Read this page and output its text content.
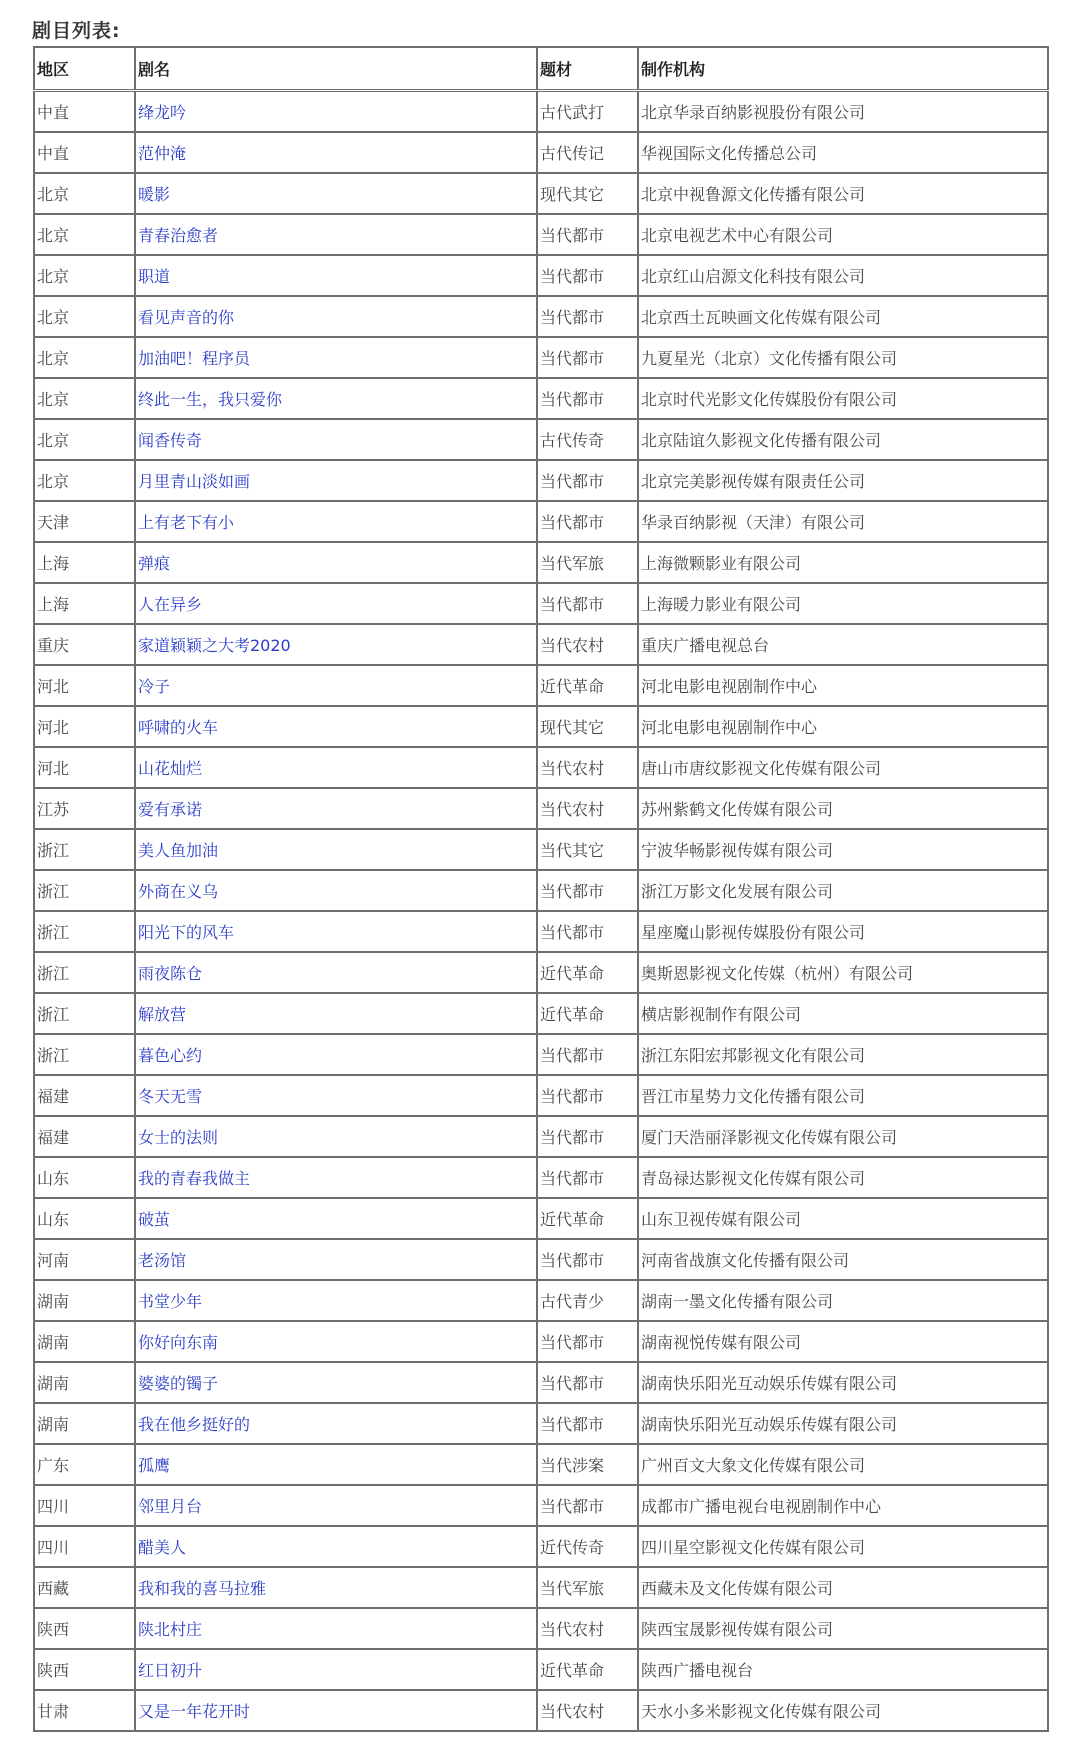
剧目列表:
地区	剧名	题材	制作机构
中直	绛龙吟	古代武打	北京华录百纳影视股份有限公司
中直	范仲淹	古代传记	华视国际文化传播总公司
北京	暖影	现代其它	北京中视鲁源文化传播有限公司
北京	青春治愈者	当代都市	北京电视艺术中心有限公司
北京	职道	当代都市	北京红山启源文化科技有限公司
北京	看见声音的你	当代都市	北京西土瓦映画文化传媒有限公司
北京	加油吧！程序员	当代都市	九夏星光（北京）文化传播有限公司
北京	终此一生，我只爱你	当代都市	北京时代光影文化传媒股份有限公司
北京	闻香传奇	古代传奇	北京陆谊久影视文化传播有限公司
北京	月里青山淡如画	当代都市	北京完美影视传媒有限责任公司
天津	上有老下有小	当代都市	华录百纳影视（天津）有限公司
上海	弹痕	当代军旅	上海微颗影业有限公司
上海	人在异乡	当代都市	上海暖力影业有限公司
重庆	家道颖颖之大考2020	当代农村	重庆广播电视总台
河北	冷子	近代革命	河北电影电视剧制作中心
河北	呼啸的火车	现代其它	河北电影电视剧制作中心
河北	山花灿烂	当代农村	唐山市唐纹影视文化传媒有限公司
江苏	爱有承诺	当代农村	苏州紫鹤文化传媒有限公司
浙江	美人鱼加油	当代其它	宁波华畅影视传媒有限公司
浙江	外商在义乌	当代都市	浙江万影文化发展有限公司
浙江	阳光下的风车	当代都市	星座魔山影视传媒股份有限公司
浙江	雨夜陈仓	近代革命	奥斯恩影视文化传媒（杭州）有限公司
浙江	解放营	近代革命	横店影视制作有限公司
浙江	暮色心约	当代都市	浙江东阳宏邦影视文化有限公司
福建	冬天无雪	当代都市	晋江市星势力文化传播有限公司
福建	女士的法则	当代都市	厦门天浩丽泽影视文化传媒有限公司
山东	我的青春我做主	当代都市	青岛禄达影视文化传媒有限公司
山东	破茧	近代革命	山东卫视传媒有限公司
河南	老汤馆	当代都市	河南省战旗文化传播有限公司
湖南	书堂少年	古代青少	湖南一墨文化传播有限公司
湖南	你好向东南	当代都市	湖南视悦传媒有限公司
湖南	婆婆的镯子	当代都市	湖南快乐阳光互动娱乐传媒有限公司
湖南	我在他乡挺好的	当代都市	湖南快乐阳光互动娱乐传媒有限公司
广东	孤鹰	当代涉案	广州百文大象文化传媒有限公司
四川	邻里月台	当代都市	成都市广播电视台电视剧制作中心
四川	醋美人	近代传奇	四川星空影视文化传媒有限公司
西藏	我和我的喜马拉雅	当代军旅	西藏未及文化传媒有限公司
陕西	陕北村庄	当代农村	陕西宝晟影视传媒有限公司
陕西	红日初升	近代革命	陕西广播电视台
甘肃	又是一年花开时	当代农村	天水小多米影视文化传媒有限公司
